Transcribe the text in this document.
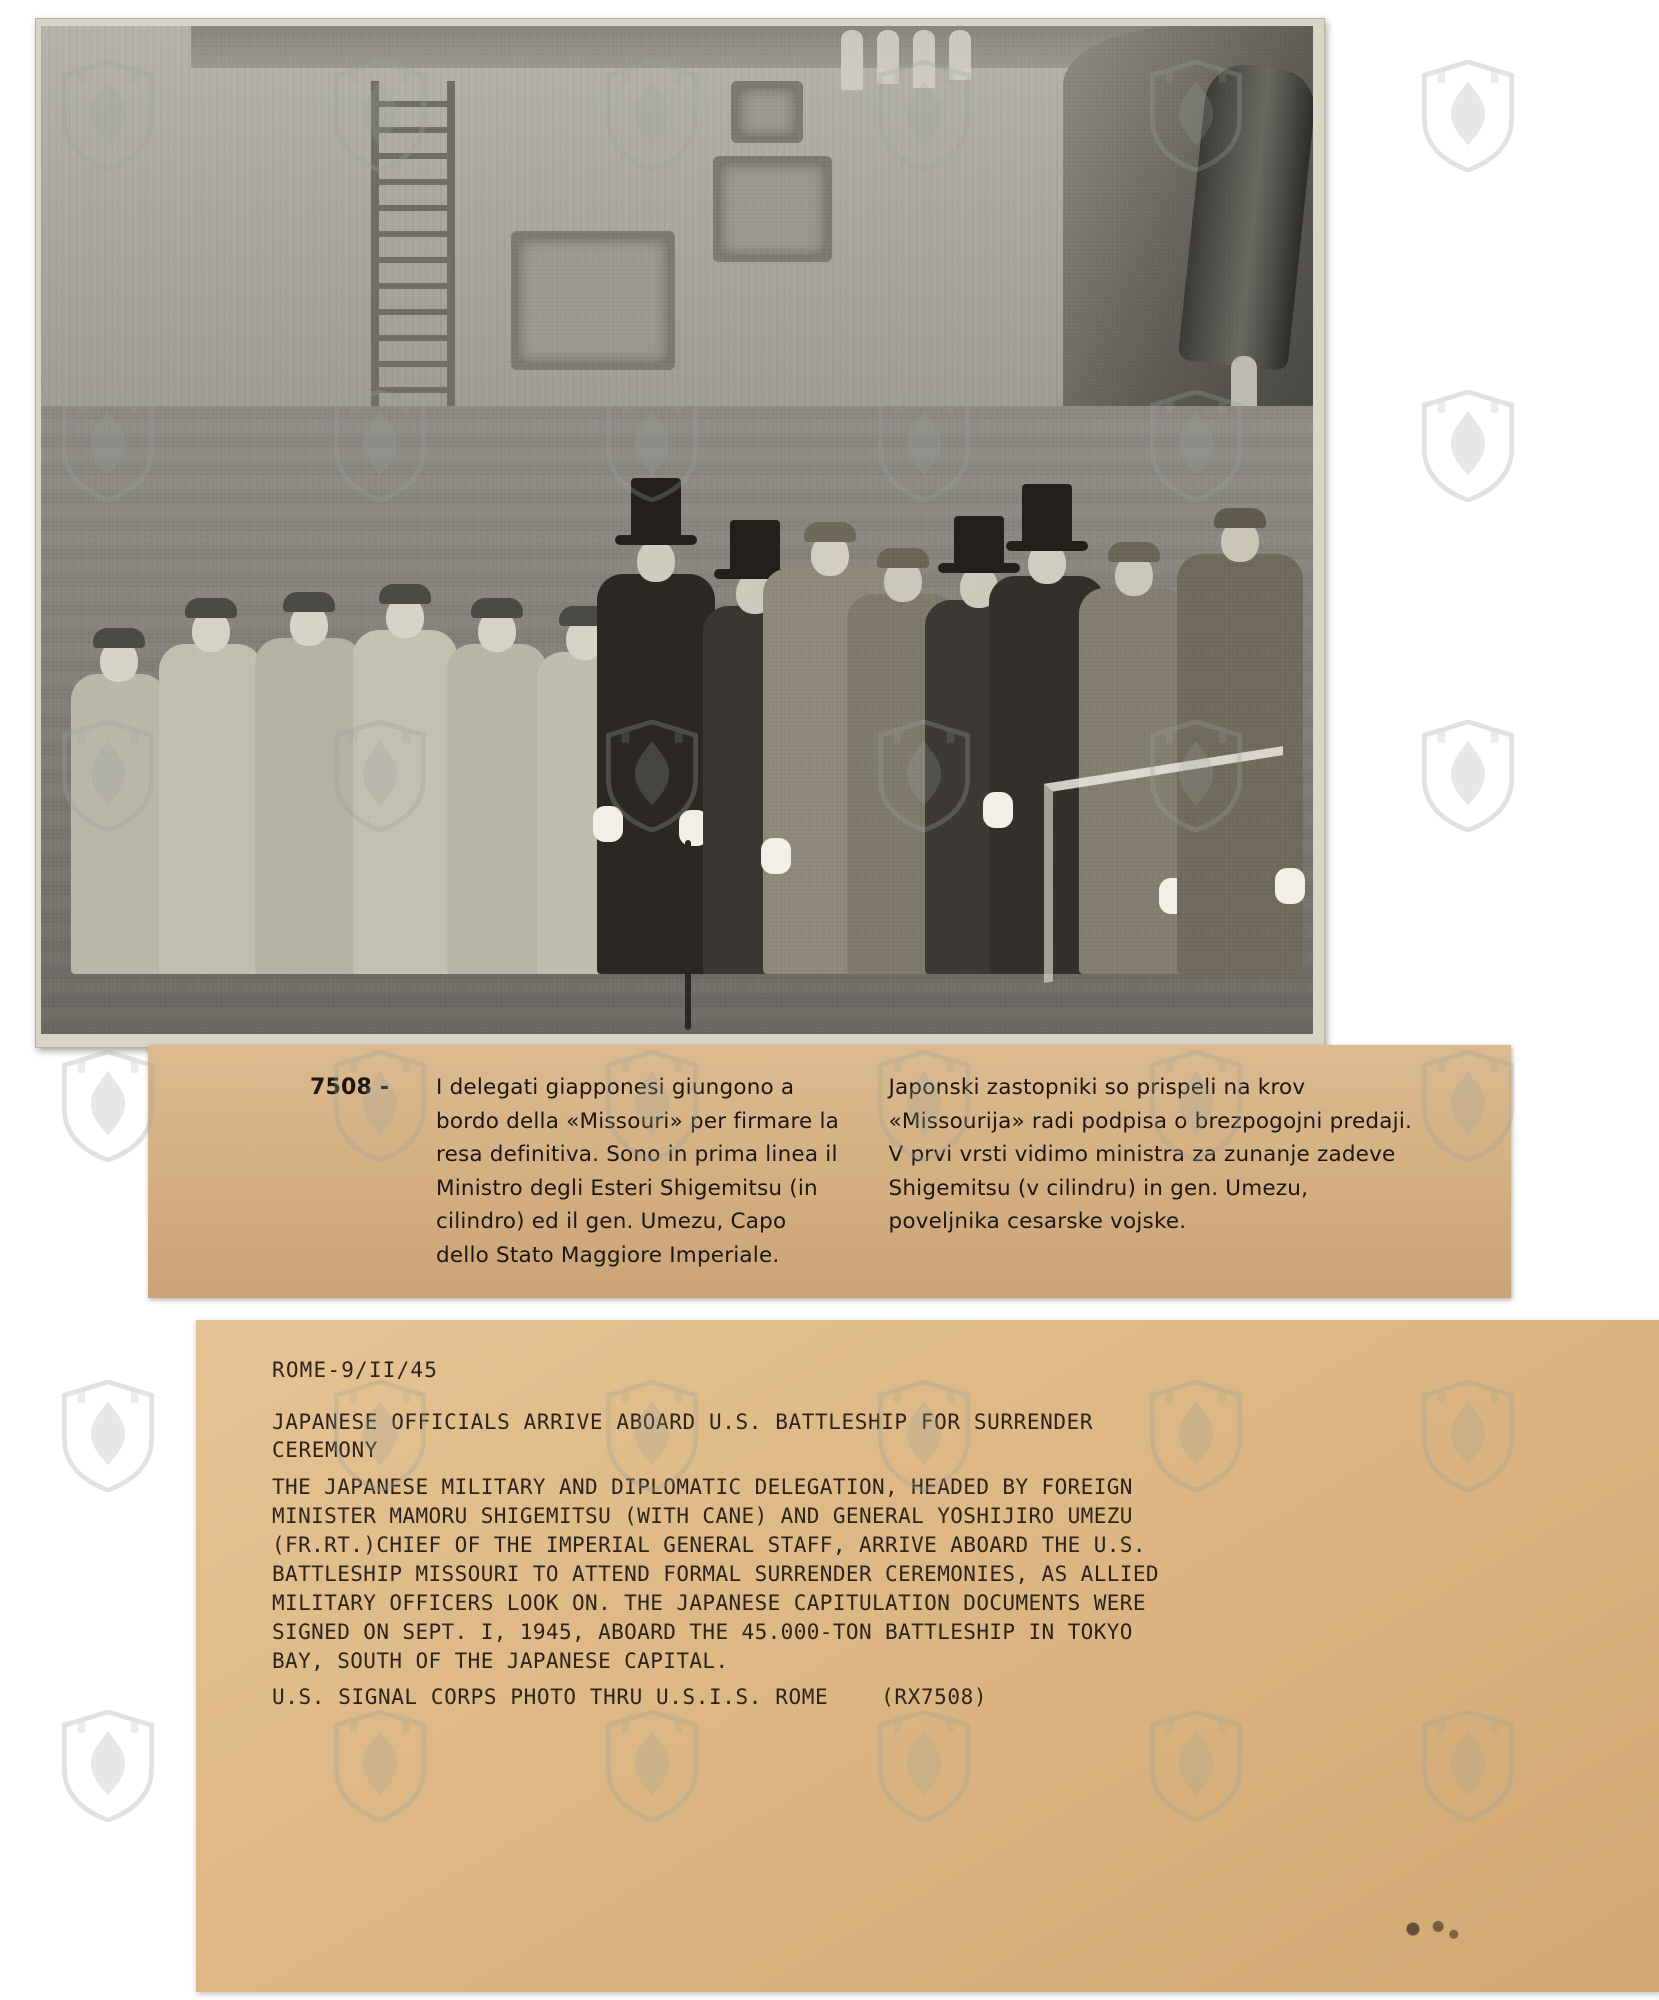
7508 -	I delegati giapponesi giungono a bordo della «Missouri» per firmare la resa definitiva. Sono in prima linea il Ministro degli Esteri Shigemitsu (in cilindro) ed il gen. Umezu, Capo dello Stato Maggiore Imperiale.
Japonski zastopniki so prispeli na krov «Missourija» radi podpisa o brezpogojni predaji. V prvi vrsti vidimo ministra za zunanje zadeve Shigemitsu (v cilindru) in gen. Umezu, poveljnika cesarske vojske.
ROME-9/II/45
JAPANESE OFFICIALS ARRIVE ABOARD U.S. BATTLESHIP FOR SURRENDER
CEREMONY
THE JAPANESE MILITARY AND DIPLOMATIC DELEGATION, HEADED BY FOREIGN
MINISTER MAMORU SHIGEMITSU (WITH CANE) AND GENERAL YOSHIJIRO UMEZU
(FR.RT.)CHIEF OF THE IMPERIAL GENERAL STAFF, ARRIVE ABOARD THE U.S.
BATTLESHIP MISSOURI TO ATTEND FORMAL SURRENDER CEREMONIES, AS ALLIED
MILITARY OFFICERS LOOK ON. THE JAPANESE CAPITULATION DOCUMENTS WERE
SIGNED ON SEPT. I, 1945, ABOARD THE 45.000-TON BATTLESHIP IN TOKYO
BAY, SOUTH OF THE JAPANESE CAPITAL.
U.S. SIGNAL CORPS PHOTO THRU U.S.I.S. ROME    (RX7508)
